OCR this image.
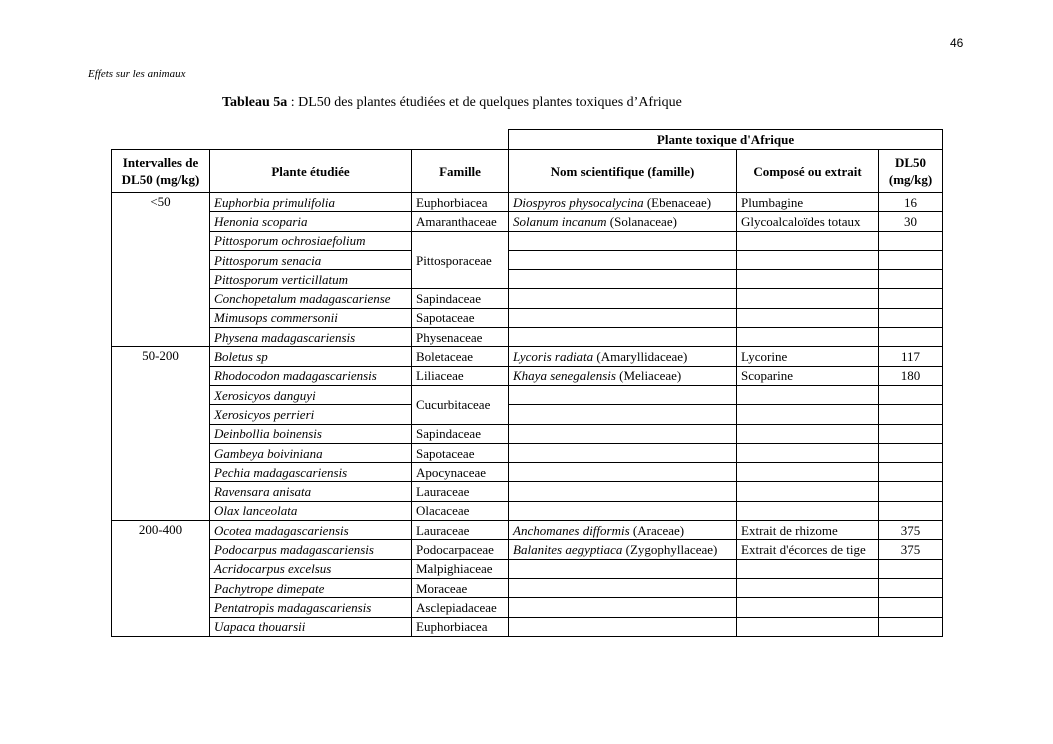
46
Effets sur les animaux
Tableau 5a : DL50 des plantes étudiées et de quelques plantes toxiques d’Afrique
			Plante toxique d'Afrique		
Intervalles de DL50 (mg/kg)	Plante étudiée	Famille	Nom scientifique (famille)	Composé ou extrait	DL50 (mg/kg)
<50	Euphorbia primulifolia	Euphorbiacea	Diospyros physocalycina (Ebenaceae)	Plumbagine	16
	Henonia scoparia	Amaranthaceae	Solanum incanum (Solanaceae)	Glycoalcaloïdes totaux	30
	Pittosporum ochrosiaefolium	Pittosporaceae			
	Pittosporum senacia				
	Pittosporum verticillatum				
	Conchopetalum madagascariense	Sapindaceae			
	Mimusops commersonii	Sapotaceae			
	Physena madagascariensis	Physenaceae			
50-200	Boletus sp	Boletaceae	Lycoris radiata (Amaryllidaceae)	Lycorine	117
	Rhodocodon madagascariensis	Liliaceae	Khaya senegalensis (Meliaceae)	Scoparine	180
	Xerosicyos danguyi	Cucurbitaceae			
	Xerosicyos perrieri				
	Deinbollia boinensis	Sapindaceae			
	Gambeya boiviniana	Sapotaceae			
	Pechia madagascariensis	Apocynaceae			
	Ravensara anisata	Lauraceae			
	Olax lanceolata	Olacaceae			
200-400	Ocotea madagascariensis	Lauraceae	Anchomanes difformis (Araceae)	Extrait de rhizome	375
	Podocarpus madagascariensis	Podocarpaceae	Balanites aegyptiaca (Zygophyllaceae)	Extrait d'écorces de tige	375
	Acridocarpus excelsus	Malpighiaceae			
	Pachytrope dimepate	Moraceae			
	Pentatropis madagascariensis	Asclepiadaceae			
	Uapaca thouarsii	Euphorbiacea			
